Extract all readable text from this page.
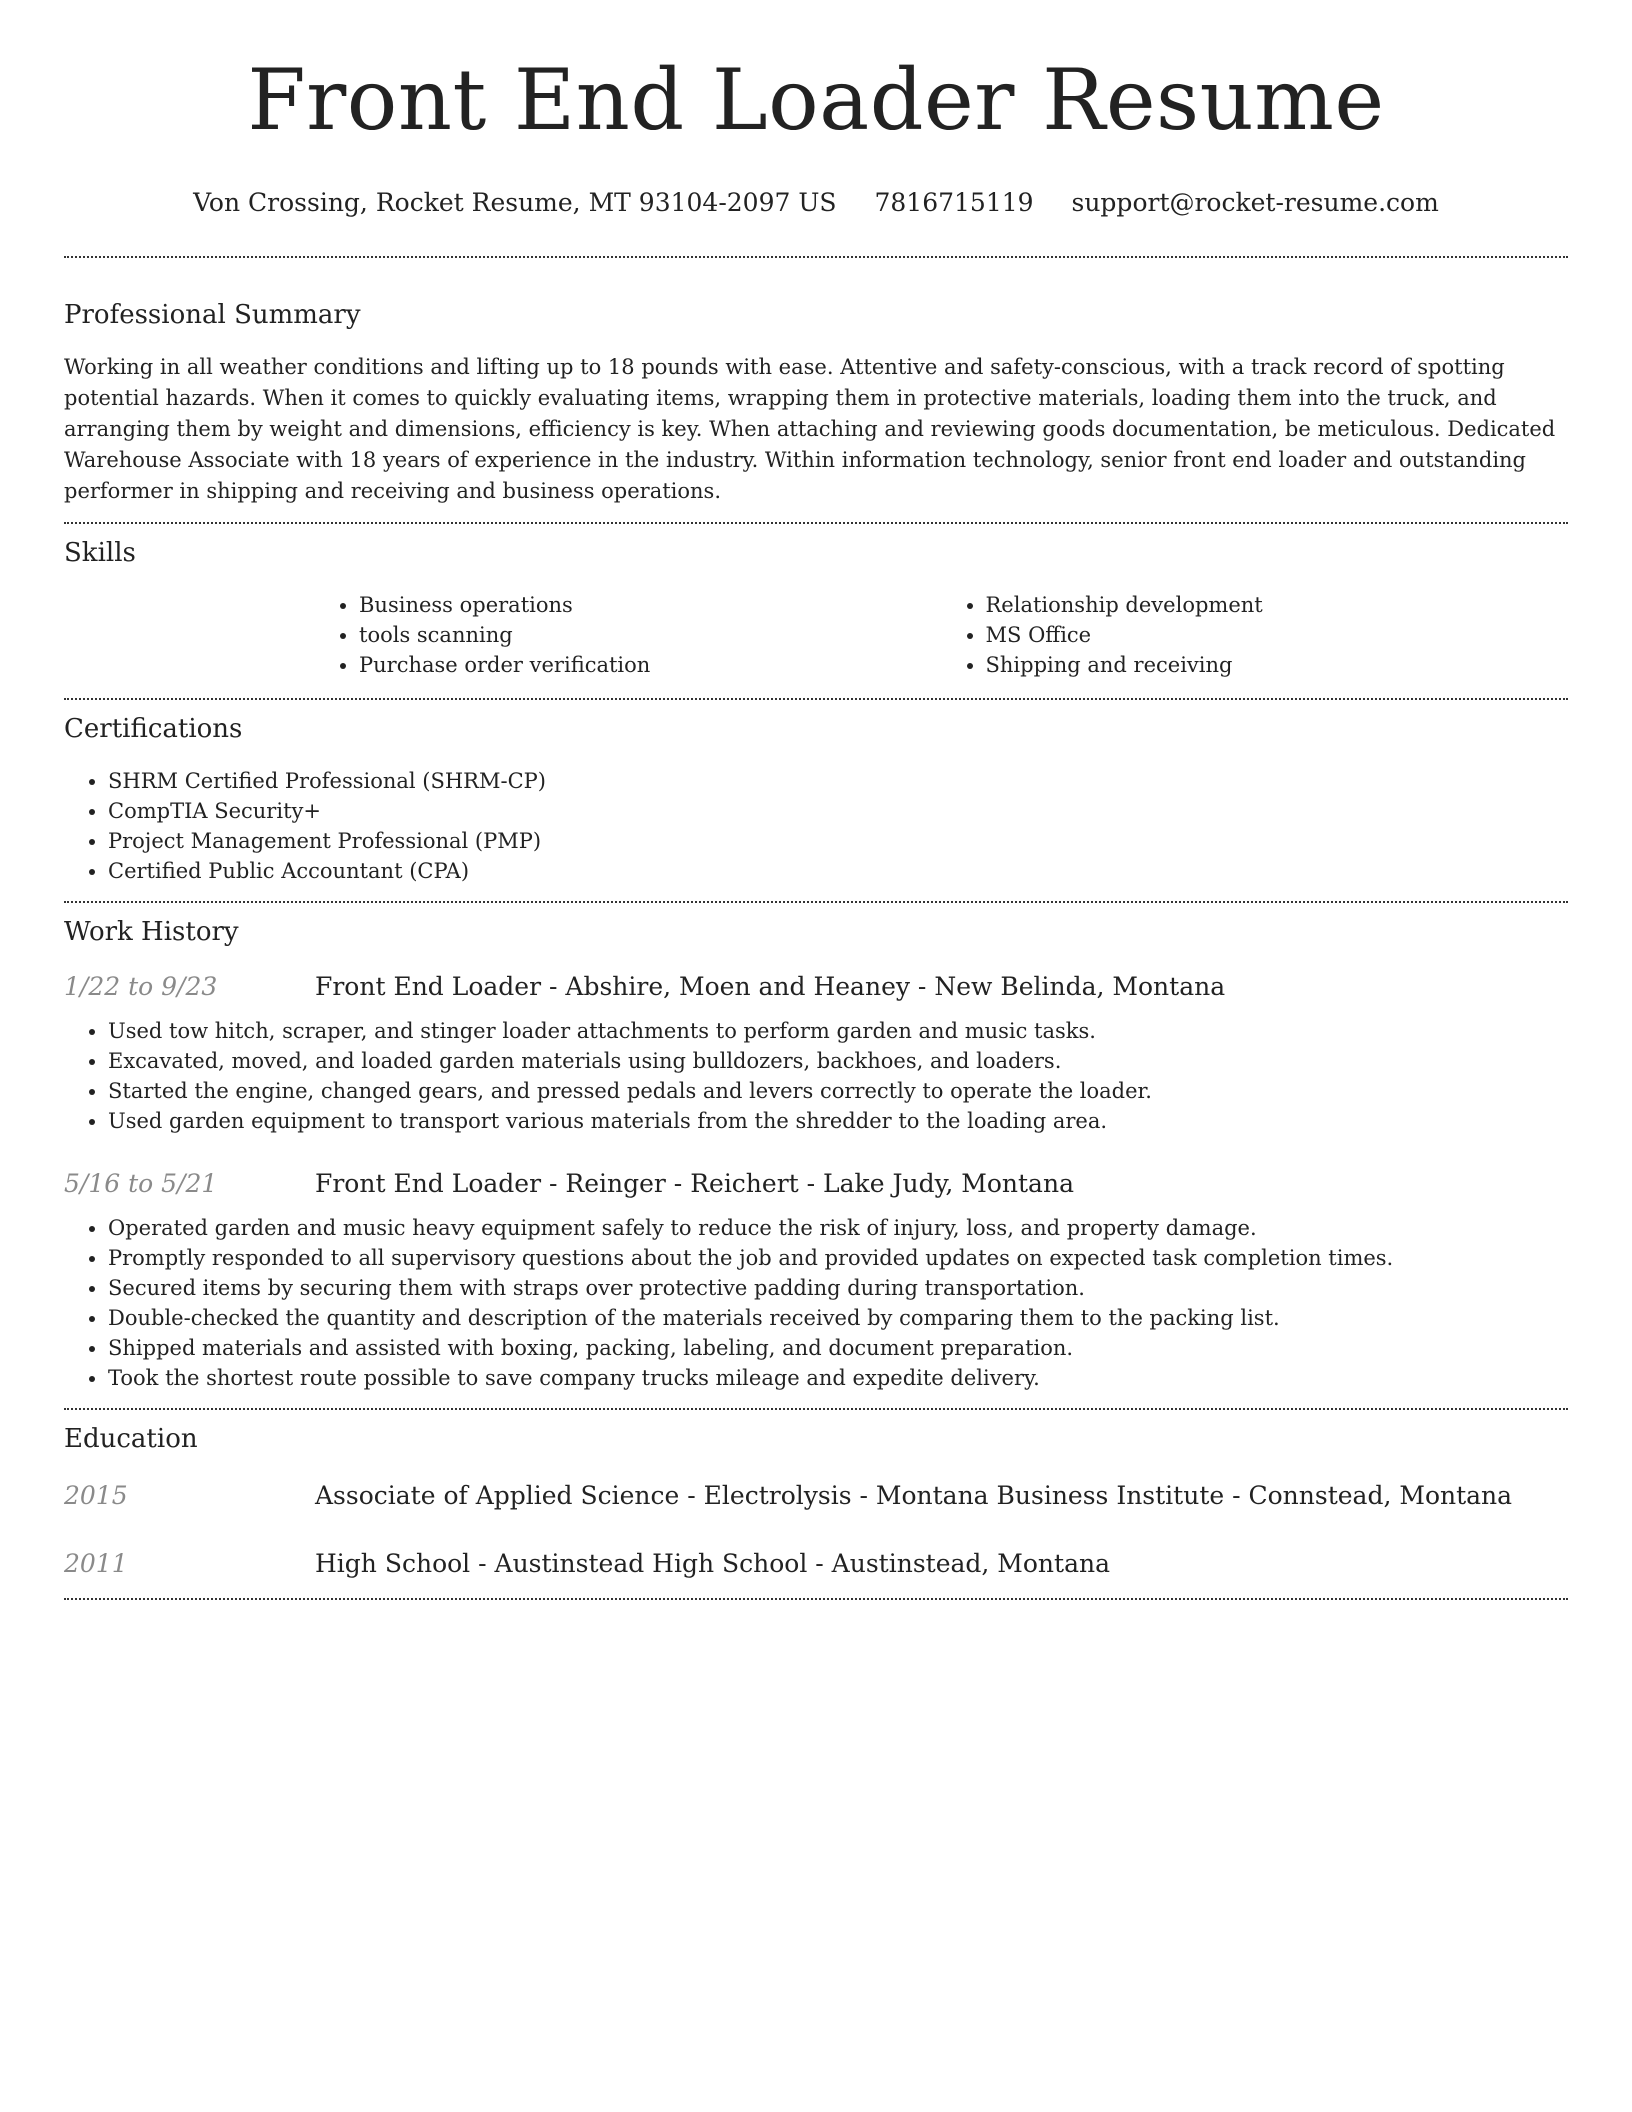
Front End Loader Resume
Von Crossing, Rocket Resume, MT 93104-2097 US 7816715119 support@rocket-resume.com
Professional Summary

Working in all weather conditions and lifting up to 18 pounds with ease. Attentive and safety-conscious, with a track record of spotting potential hazards. When it comes to quickly evaluating items, wrapping them in protective materials, loading them into the truck, and arranging them by weight and dimensions, efficiency is key. When attaching and reviewing goods documentation, be meticulous. Dedicated Warehouse Associate with 18 years of experience in the industry. Within information technology, senior front end loader and outstanding performer in shipping and receiving and business operations.

Skills
• Business operations
• tools scanning
• Purchase order verification
• Relationship development
• MS Office
• Shipping and receiving
Certifications
• SHRM Certified Professional (SHRM-CP)
• CompTIA Security+
• Project Management Professional (PMP)
• Certified Public Accountant (CPA)
Work History
1/22 to 9/23	Front End Loader - Abshire, Moen and Heaney - New Belinda, Montana
• Used tow hitch, scraper, and stinger loader attachments to perform garden and music tasks.
• Excavated, moved, and loaded garden materials using bulldozers, backhoes, and loaders.
• Started the engine, changed gears, and pressed pedals and levers correctly to operate the loader.
• Used garden equipment to transport various materials from the shredder to the loading area.
5/16 to 5/21	Front End Loader - Reinger - Reichert - Lake Judy, Montana
• Operated garden and music heavy equipment safely to reduce the risk of injury, loss, and property damage.
• Promptly responded to all supervisory questions about the job and provided updates on expected task completion times.
• Secured items by securing them with straps over protective padding during transportation.
• Double-checked the quantity and description of the materials received by comparing them to the packing list.
• Shipped materials and assisted with boxing, packing, labeling, and document preparation.
• Took the shortest route possible to save company trucks mileage and expedite delivery.
Education
2015	Associate of Applied Science - Electrolysis - Montana Business Institute - Connstead, Montana
2011	High School - Austinstead High School - Austinstead, Montana
